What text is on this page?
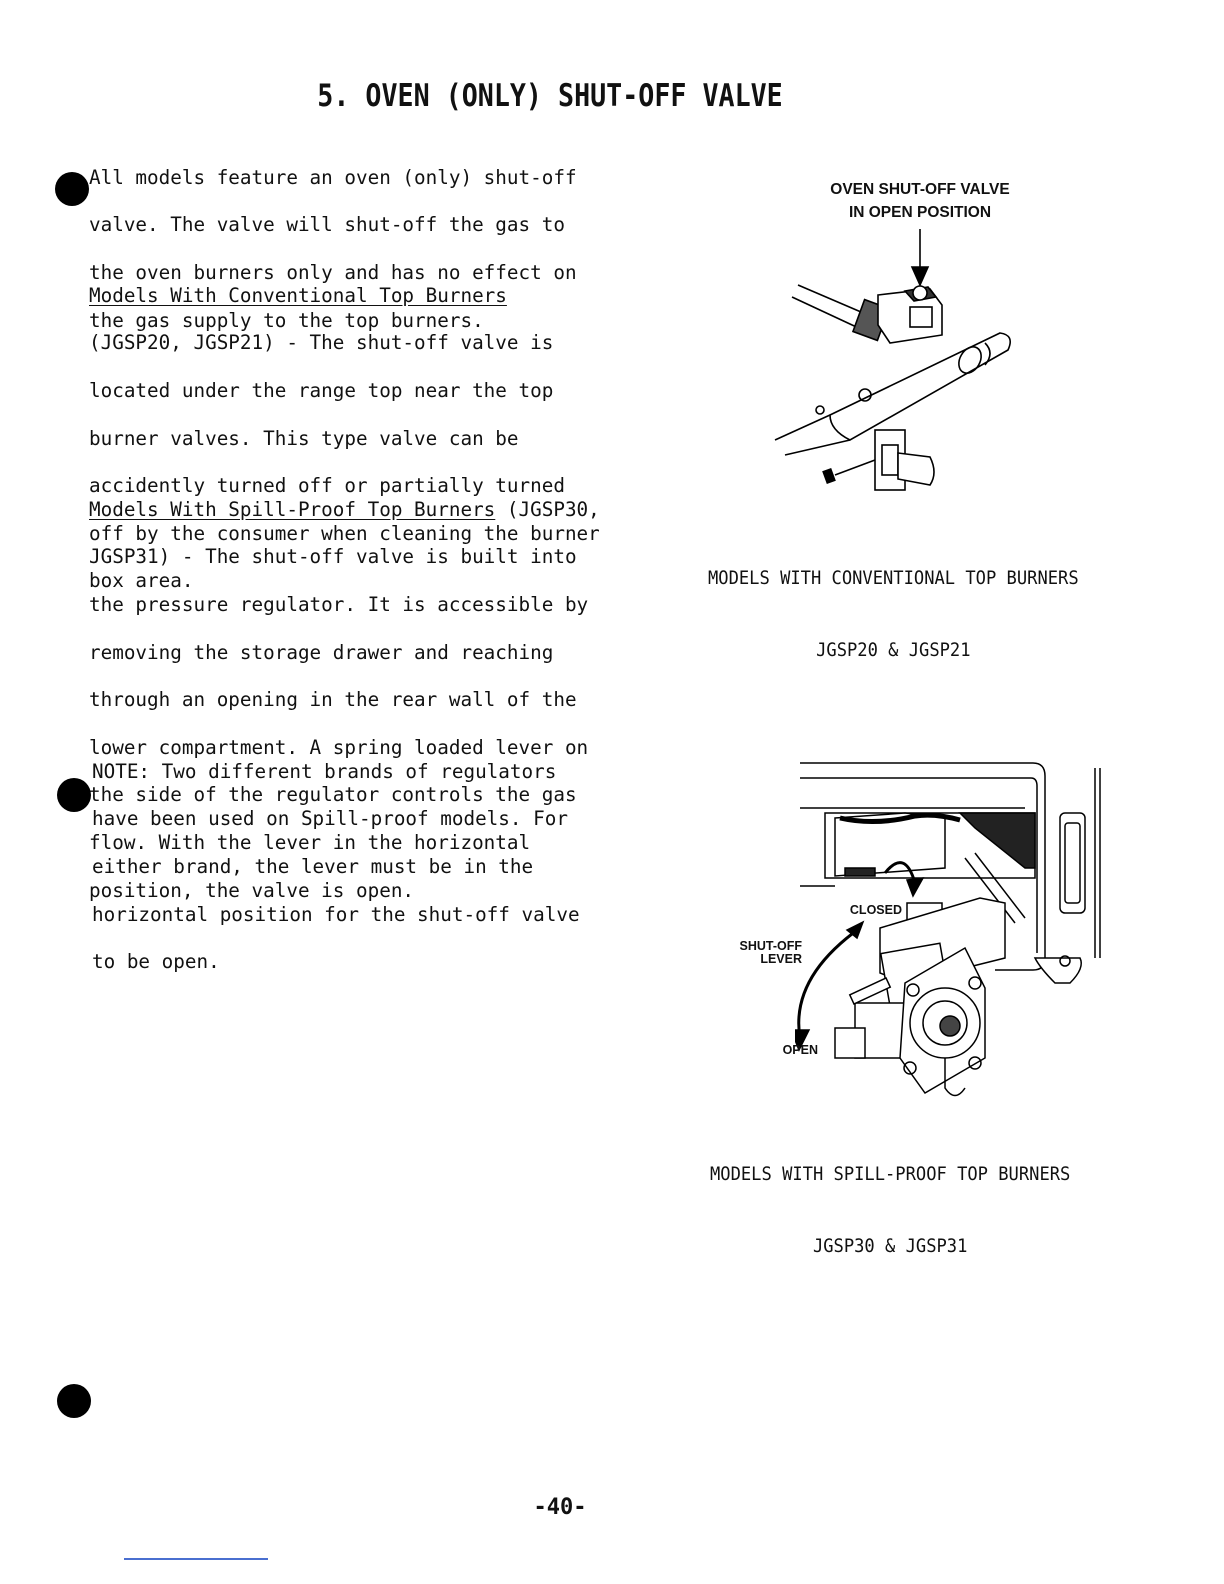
5. OVEN (ONLY) SHUT-OFF VALVE

All models feature an oven (only) shut-off

valve. The valve will shut-off the gas to

the oven burners only and has no effect on

the gas supply to the top burners.

Models With Conventional Top Burners

(JGSP20, JGSP21) - The shut-off valve is

located under the range top near the top

burner valves. This type valve can be

accidently turned off or partially turned

off by the consumer when cleaning the burner

box area.

Models With Spill-Proof Top Burners (JGSP30,

JGSP31) - The shut-off valve is built into

the pressure regulator. It is accessible by

removing the storage drawer and reaching

through an opening in the rear wall of the

lower compartment. A spring loaded lever on

the side of the regulator controls the gas

flow. With the lever in the horizontal

position, the valve is open.

NOTE: Two different brands of regulators

have been used on Spill-proof models. For

either brand, the lever must be in the

horizontal position for the shut-off valve

to be open.

OVEN SHUT-OFF VALVE
IN OPEN POSITION

MODELS WITH CONVENTIONAL TOP BURNERS

JGSP20 & JGSP21

CLOSED
SHUT-OFF
LEVER
OPEN

MODELS WITH SPILL-PROOF TOP BURNERS

JGSP30 & JGSP31

-40-
